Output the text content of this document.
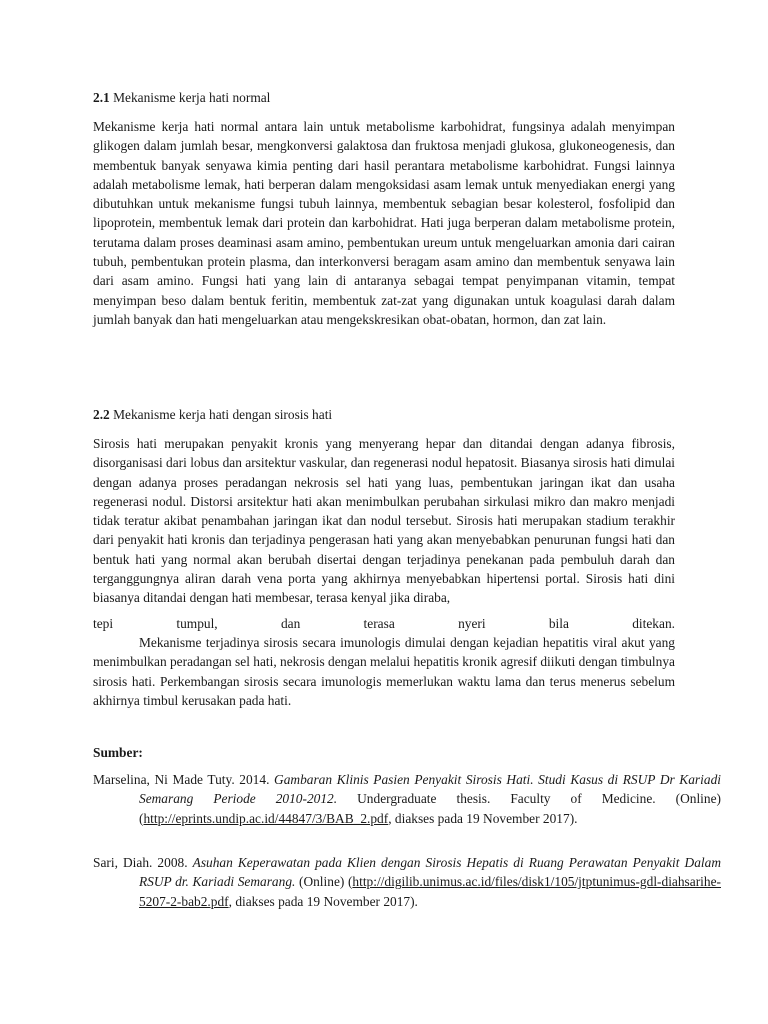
2.1 Mekanisme kerja hati normal

Mekanisme kerja hati normal antara lain untuk metabolisme karbohidrat, fungsinya adalah menyimpan glikogen dalam jumlah besar, mengkonversi galaktosa dan fruktosa menjadi glukosa, glukoneogenesis, dan membentuk banyak senyawa kimia penting dari hasil perantara metabolisme karbohidrat. Fungsi lainnya adalah metabolisme lemak, hati berperan dalam mengoksidasi asam lemak untuk menyediakan energi yang dibutuhkan untuk mekanisme fungsi tubuh lainnya, membentuk sebagian besar kolesterol, fosfolipid dan lipoprotein, membentuk lemak dari protein dan karbohidrat. Hati juga berperan dalam metabolisme protein, terutama dalam proses deaminasi asam amino, pembentukan ureum untuk mengeluarkan amonia dari cairan tubuh, pembentukan protein plasma, dan interkonversi beragam asam amino dan membentuk senyawa lain dari asam amino. Fungsi hati yang lain di antaranya sebagai tempat penyimpanan vitamin, tempat menyimpan beso dalam bentuk feritin, membentuk zat-zat yang digunakan untuk koagulasi darah dalam jumlah banyak dan hati mengeluarkan atau mengekskresikan obat-obatan, hormon, dan zat lain.

2.2 Mekanisme kerja hati dengan sirosis hati

Sirosis hati merupakan penyakit kronis yang menyerang hepar dan ditandai dengan adanya fibrosis, disorganisasi dari lobus dan arsitektur vaskular, dan regenerasi nodul hepatosit. Biasanya sirosis hati dimulai dengan adanya proses peradangan nekrosis sel hati yang luas, pembentukan jaringan ikat dan usaha regenerasi nodul. Distorsi arsitektur hati akan menimbulkan perubahan sirkulasi mikro dan makro menjadi tidak teratur akibat penambahan jaringan ikat dan nodul tersebut. Sirosis hati merupakan stadium terakhir dari penyakit hati kronis dan terjadinya pengerasan hati yang akan menyebabkan penurunan fungsi hati dan bentuk hati yang normal akan berubah disertai dengan terjadinya penekanan pada pembuluh darah dan terganggungnya aliran darah vena porta yang akhirnya menyebabkan hipertensi portal. Sirosis hati dini biasanya ditandai dengan hati membesar, terasa kenyal jika diraba,

tepi tumpul, dan terasa nyeri bila ditekan.

Mekanisme terjadinya sirosis secara imunologis dimulai dengan kejadian hepatitis viral akut yang menimbulkan peradangan sel hati, nekrosis dengan melalui hepatitis kronik agresif diikuti dengan timbulnya sirosis hati. Perkembangan sirosis secara imunologis memerlukan waktu lama dan terus menerus sebelum akhirnya timbul kerusakan pada hati.

Sumber:

Marselina, Ni Made Tuty. 2014. Gambaran Klinis Pasien Penyakit Sirosis Hati. Studi Kasus di RSUP Dr Kariadi Semarang Periode 2010-2012. Undergraduate thesis. Faculty of Medicine. (Online) (http://eprints.undip.ac.id/44847/3/BAB_2.pdf, diakses pada 19 November 2017).

Sari, Diah. 2008. Asuhan Keperawatan pada Klien dengan Sirosis Hepatis di Ruang Perawatan Penyakit Dalam RSUP dr. Kariadi Semarang. (Online) (http://digilib.unimus.ac.id/files/disk1/105/jtptunimus-gdl-diahsarihe-5207-2-bab2.pdf, diakses pada 19 November 2017).
